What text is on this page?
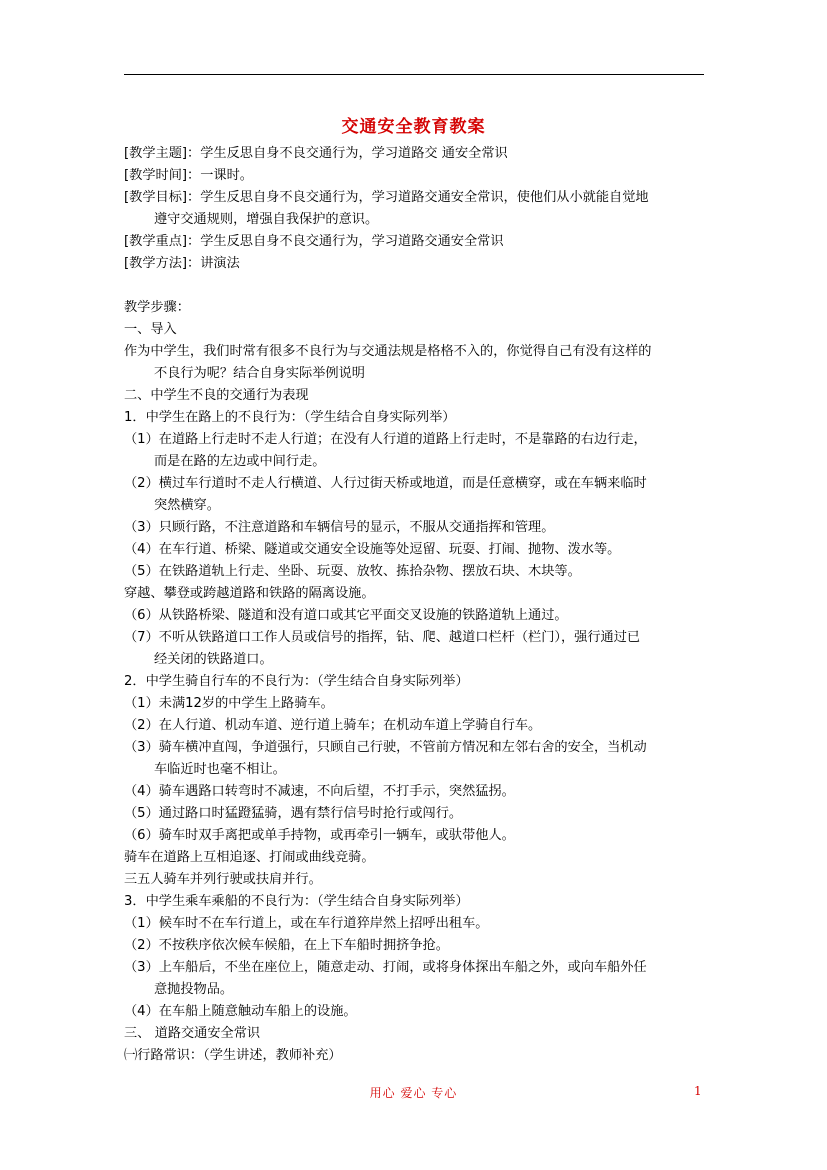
交通安全教育教案
[教学主题]：学生反思自身不良交通行为，学习道路交 通安全常识
[教学时间]：一课时。
[教学目标]：学生反思自身不良交通行为，学习道路交通安全常识，使他们从小就能自觉地
遵守交通规则，增强自我保护的意识。
[教学重点]：学生反思自身不良交通行为，学习道路交通安全常识
[教学方法]：讲演法
教学步骤：
一、导入
作为中学生，我们时常有很多不良行为与交通法规是格格不入的，你觉得自己有没有这样的
不良行为呢？结合自身实际举例说明
二、中学生不良的交通行为表现
1．中学生在路上的不良行为：（学生结合自身实际列举）
（1）在道路上行走时不走人行道；在没有人行道的道路上行走时，不是靠路的右边行走，
而是在路的左边或中间行走。
（2）横过车行道时不走人行横道、人行过街天桥或地道，而是任意横穿，或在车辆来临时
突然横穿。
（3）只顾行路，不注意道路和车辆信号的显示，不服从交通指挥和管理。
（4）在车行道、桥梁、隧道或交通安全设施等处逗留、玩耍、打闹、抛物、泼水等。
（5）在铁路道轨上行走、坐卧、玩耍、放牧、拣拾杂物、摆放石块、木块等。
穿越、攀登或跨越道路和铁路的隔离设施。
（6）从铁路桥梁、隧道和没有道口或其它平面交叉设施的铁路道轨上通过。
（7）不听从铁路道口工作人员或信号的指挥，钻、爬、越道口栏杆（栏门），强行通过已
经关闭的铁路道口。
2．中学生骑自行车的不良行为：（学生结合自身实际列举）
（1）未满12岁的中学生上路骑车。
（2）在人行道、机动车道、逆行道上骑车；在机动车道上学骑自行车。
（3）骑车横冲直闯，争道强行，只顾自己行驶，不管前方情况和左邻右舍的安全，当机动
车临近时也毫不相让。
（4）骑车遇路口转弯时不减速，不向后望，不打手示，突然猛拐。
（5）通过路口时猛蹬猛骑，遇有禁行信号时抢行或闯行。
（6）骑车时双手离把或单手持物，或再牵引一辆车，或驮带他人。
骑车在道路上互相追逐、打闹或曲线竞骑。
三五人骑车并列行驶或扶肩并行。
3．中学生乘车乘船的不良行为：（学生结合自身实际列举）
（1）候车时不在车行道上，或在车行道猝岸然上招呼出租车。
（2）不按秩序依次候车候船，在上下车船时拥挤争抢。
（3）上车船后，不坐在座位上，随意走动、打闹，或将身体探出车船之外，或向车船外任
意抛投物品。
（4）在车船上随意触动车船上的设施。
三、 道路交通安全常识
㈠行路常识：（学生讲述，教师补充）
用心 爱心 专心	1
